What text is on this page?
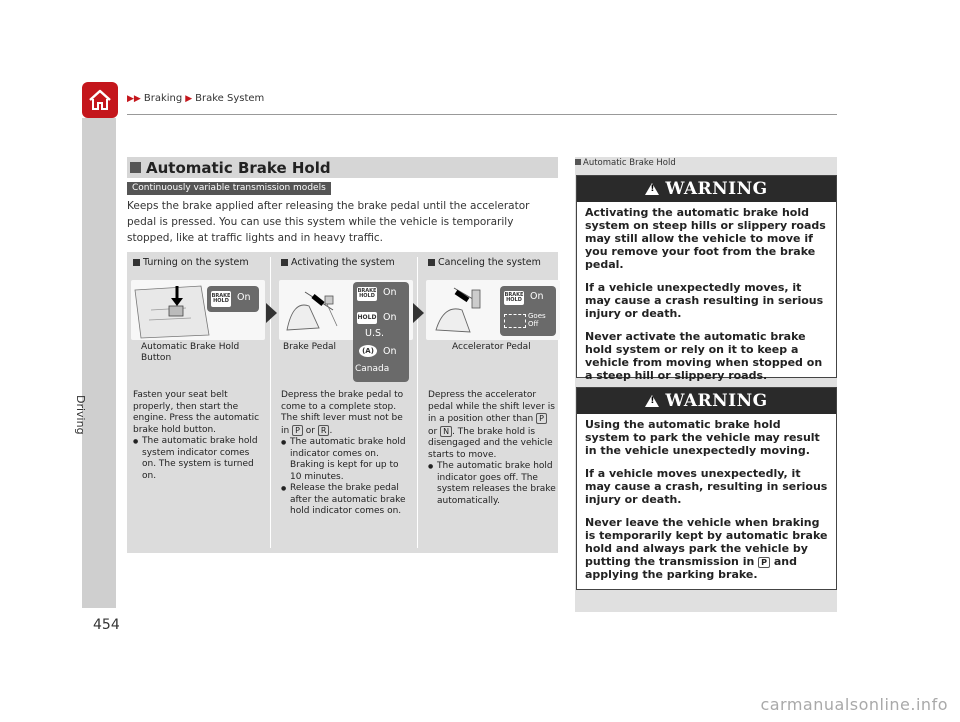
Driving
▶▶ Braking ▶ Brake System
Automatic Brake Hold
Continuously variable transmission models
Keeps the brake applied after releasing the brake pedal until the accelerator pedal is pressed. You can use this system while the vehicle is temporarily stopped, like at traffic lights and in heavy traffic.
Turning on the system
BRAKE
HOLD On
Automatic Brake Hold Button
Fasten your seat belt properly, then start the engine. Press the automatic brake hold button.
● The automatic brake hold system indicator comes on. The system is turned on.
Activating the system
BRAKE
HOLD On
HOLD On
U.S.
(A) On
Canada
Brake Pedal
Depress the brake pedal to come to a complete stop. The shift lever must not be in P or R .
● The automatic brake hold indicator comes on. Braking is kept for up to 10 minutes.
● Release the brake pedal after the automatic brake hold indicator comes on.
Canceling the system
BRAKE
HOLD On
Goes Off
Accelerator Pedal
Depress the accelerator pedal while the shift lever is in a position other than P or N . The brake hold is disengaged and the vehicle starts to move.
● The automatic brake hold indicator goes off. The system releases the brake automatically.
Automatic Brake Hold
!
WARNING

Activating the automatic brake hold system on steep hills or slippery roads may still allow the vehicle to move if you remove your foot from the brake pedal.

If a vehicle unexpectedly moves, it may cause a crash resulting in serious injury or death.

Never activate the automatic brake hold system or rely on it to keep a vehicle from moving when stopped on a steep hill or slippery roads.

!
WARNING

Using the automatic brake hold system to park the vehicle may result in the vehicle unexpectedly moving.

If a vehicle moves unexpectedly, it may cause a crash, resulting in serious injury or death.

Never leave the vehicle when braking is temporarily kept by automatic brake hold and always park the vehicle by putting the transmission in P and applying the parking brake.

454
carmanualsonline.info
